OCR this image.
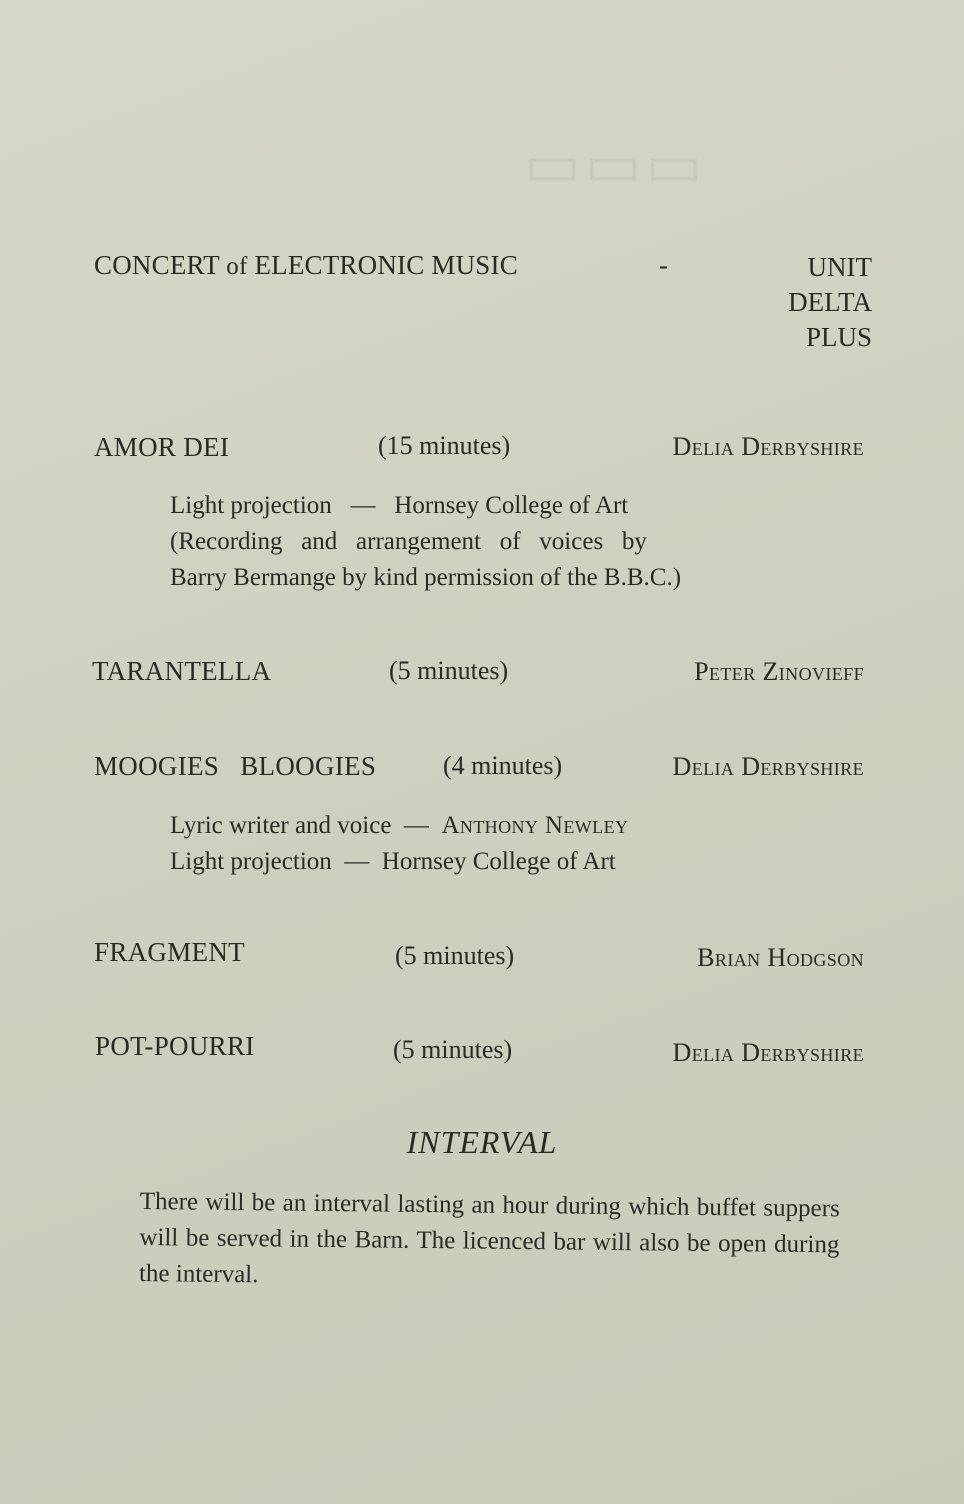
▭▭▭
CONCERT of ELECTRONIC MUSIC	-	UNIT
DELTA
PLUS
AMOR DEI	(15 minutes)	Delia Derbyshire
Light projection   —   Hornsey College of Art
(Recording   and   arrangement   of   voices   by
Barry Bermange by kind permission of the B.B.C.)
TARANTELLA	(5 minutes)	Peter Zinovieff
MOOGIES   BLOOGIES	(4 minutes)	Delia Derbyshire
Lyric writer and voice  —  Anthony Newley
Light projection  —  Hornsey College of Art
FRAGMENT	(5 minutes)	Brian Hodgson
POT-POURRI	(5 minutes)	Delia Derbyshire
INTERVAL
There will be an interval lasting an hour during which buffet suppers will be served in the Barn. The licenced bar will also be open during the interval.
